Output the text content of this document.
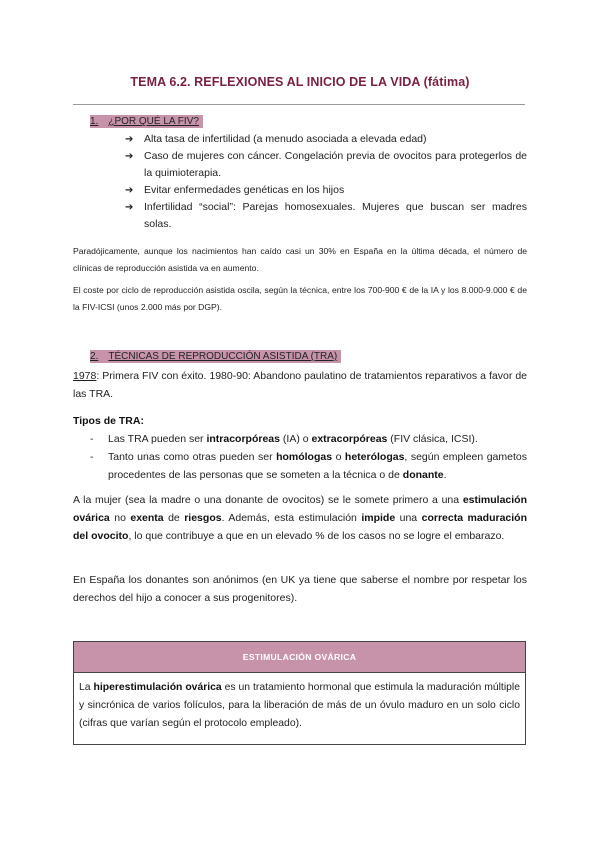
TEMA 6.2. REFLEXIONES AL INICIO DE LA VIDA (fátima)
1. ¿POR QUÉ LA FIV?
➔ Alta tasa de infertilidad (a menudo asociada a elevada edad)
➔ Caso de mujeres con cáncer. Congelación previa de ovocitos para protegerlos de la quimioterapia.
➔ Evitar enfermedades genéticas en los hijos
➔ Infertilidad “social”: Parejas homosexuales. Mujeres que buscan ser madres solas.
Paradójicamente, aunque los nacimientos han caído casi un 30% en España en la última década, el número de clínicas de reproducción asistida va en aumento.
El coste por ciclo de reproducción asistida oscila, según la técnica, entre los 700-900 € de la IA y los 8.000-9.000 € de la FIV-ICSI (unos 2.000 más por DGP).
2. TÉCNICAS DE REPRODUCCIÓN ASISTIDA (TRA)
1978: Primera FIV con éxito. 1980-90: Abandono paulatino de tratamientos reparativos a favor de las TRA.
Tipos de TRA:
- Las TRA pueden ser intracorpóreas (IA) o extracorpóreas (FIV clásica, ICSI).
- Tanto unas como otras pueden ser homólogas o heterólogas, según empleen gametos procedentes de las personas que se someten a la técnica o de donante.
A la mujer (sea la madre o una donante de ovocitos) se le somete primero a una estimulación ovárica no exenta de riesgos. Además, esta estimulación impide una correcta maduración del ovocito, lo que contribuye a que en un elevado % de los casos no se logre el embarazo.
En España los donantes son anónimos (en UK ya tiene que saberse el nombre por respetar los derechos del hijo a conocer a sus progenitores).
ESTIMULACIÓN OVÁRICA
La hiperestimulación ovárica es un tratamiento hormonal que estimula la maduración múltiple y sincrónica de varios folículos, para la liberación de más de un óvulo maduro en un solo ciclo (cifras que varían según el protocolo empleado).
